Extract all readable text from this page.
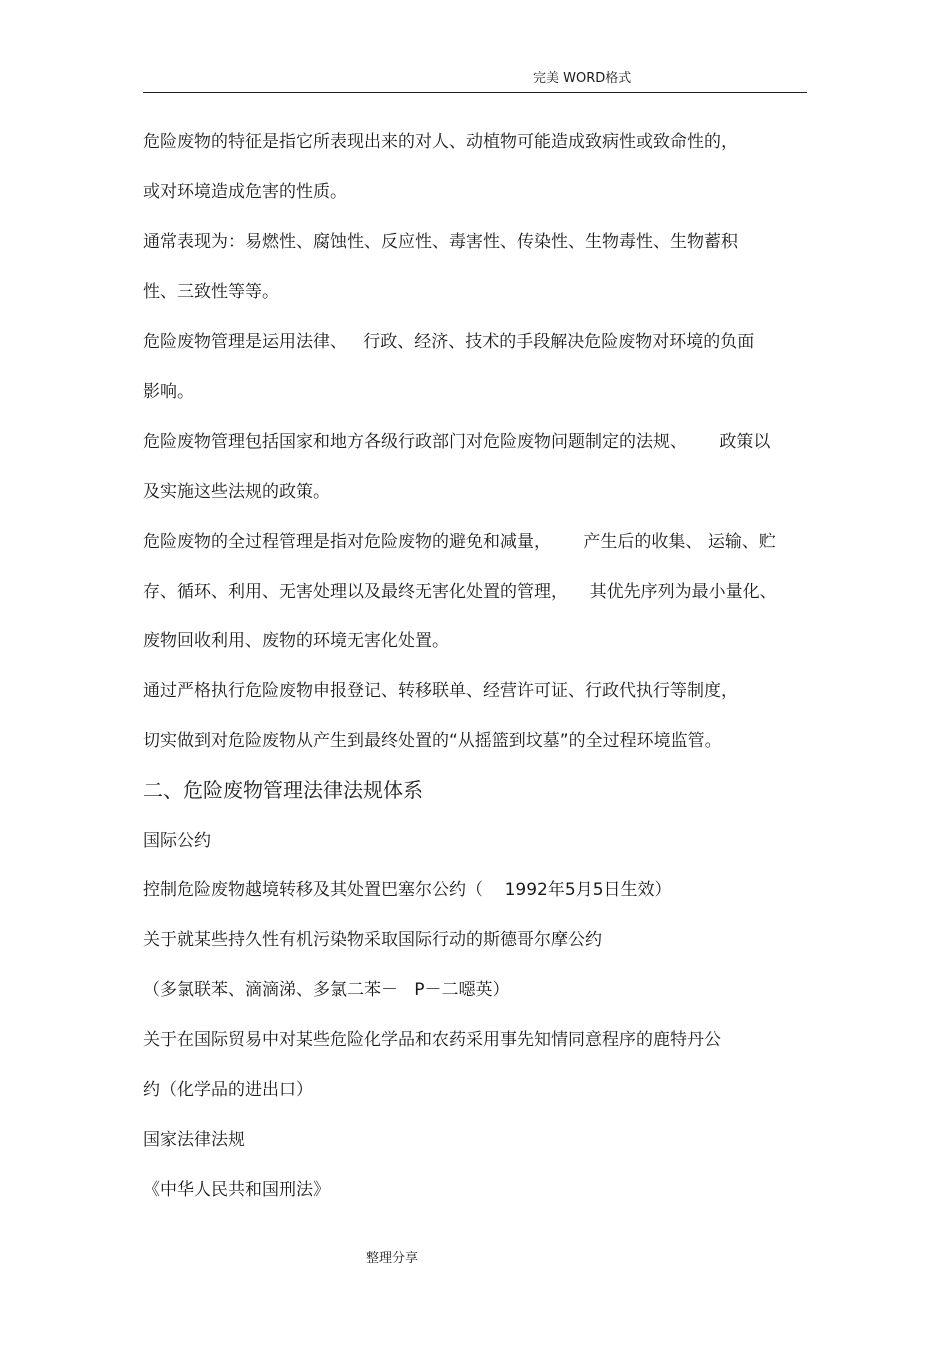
完美 WORD格式
危险废物的特征是指它所表现出来的对人、动植物可能造成致病性或致命性的，
或对环境造成危害的性质。
通常表现为：易燃性、腐蚀性、反应性、毒害性、传染性、生物毒性、生物蓄积
性、三致性等等。
危险废物管理是运用法律、   行政、经济、技术的手段解决危险废物对环境的负面
影响。
危险废物管理包括国家和地方各级行政部门对危险废物问题制定的法规、      政策以
及实施这些法规的政策。
危险废物的全过程管理是指对危险废物的避免和减量，      产生后的收集、 运输、贮
存、循环、利用、无害处理以及最终无害化处置的管理，    其优先序列为最小量化、
废物回收利用、废物的环境无害化处置。
通过严格执行危险废物申报登记、转移联单、经营许可证、行政代执行等制度，
切实做到对危险废物从产生到最终处置的“从摇篮到坟墓”的全过程环境监管。
二、危险废物管理法律法规体系
国际公约
控制危险废物越境转移及其处置巴塞尔公约（    1992年5月5日生效）
关于就某些持久性有机污染物采取国际行动的斯德哥尔摩公约
（多氯联苯、滴滴涕、多氯二苯－   P－二噁英）
关于在国际贸易中对某些危险化学品和农药采用事先知情同意程序的鹿特丹公
约（化学品的进出口）
国家法律法规
《中华人民共和国刑法》
整理分享
